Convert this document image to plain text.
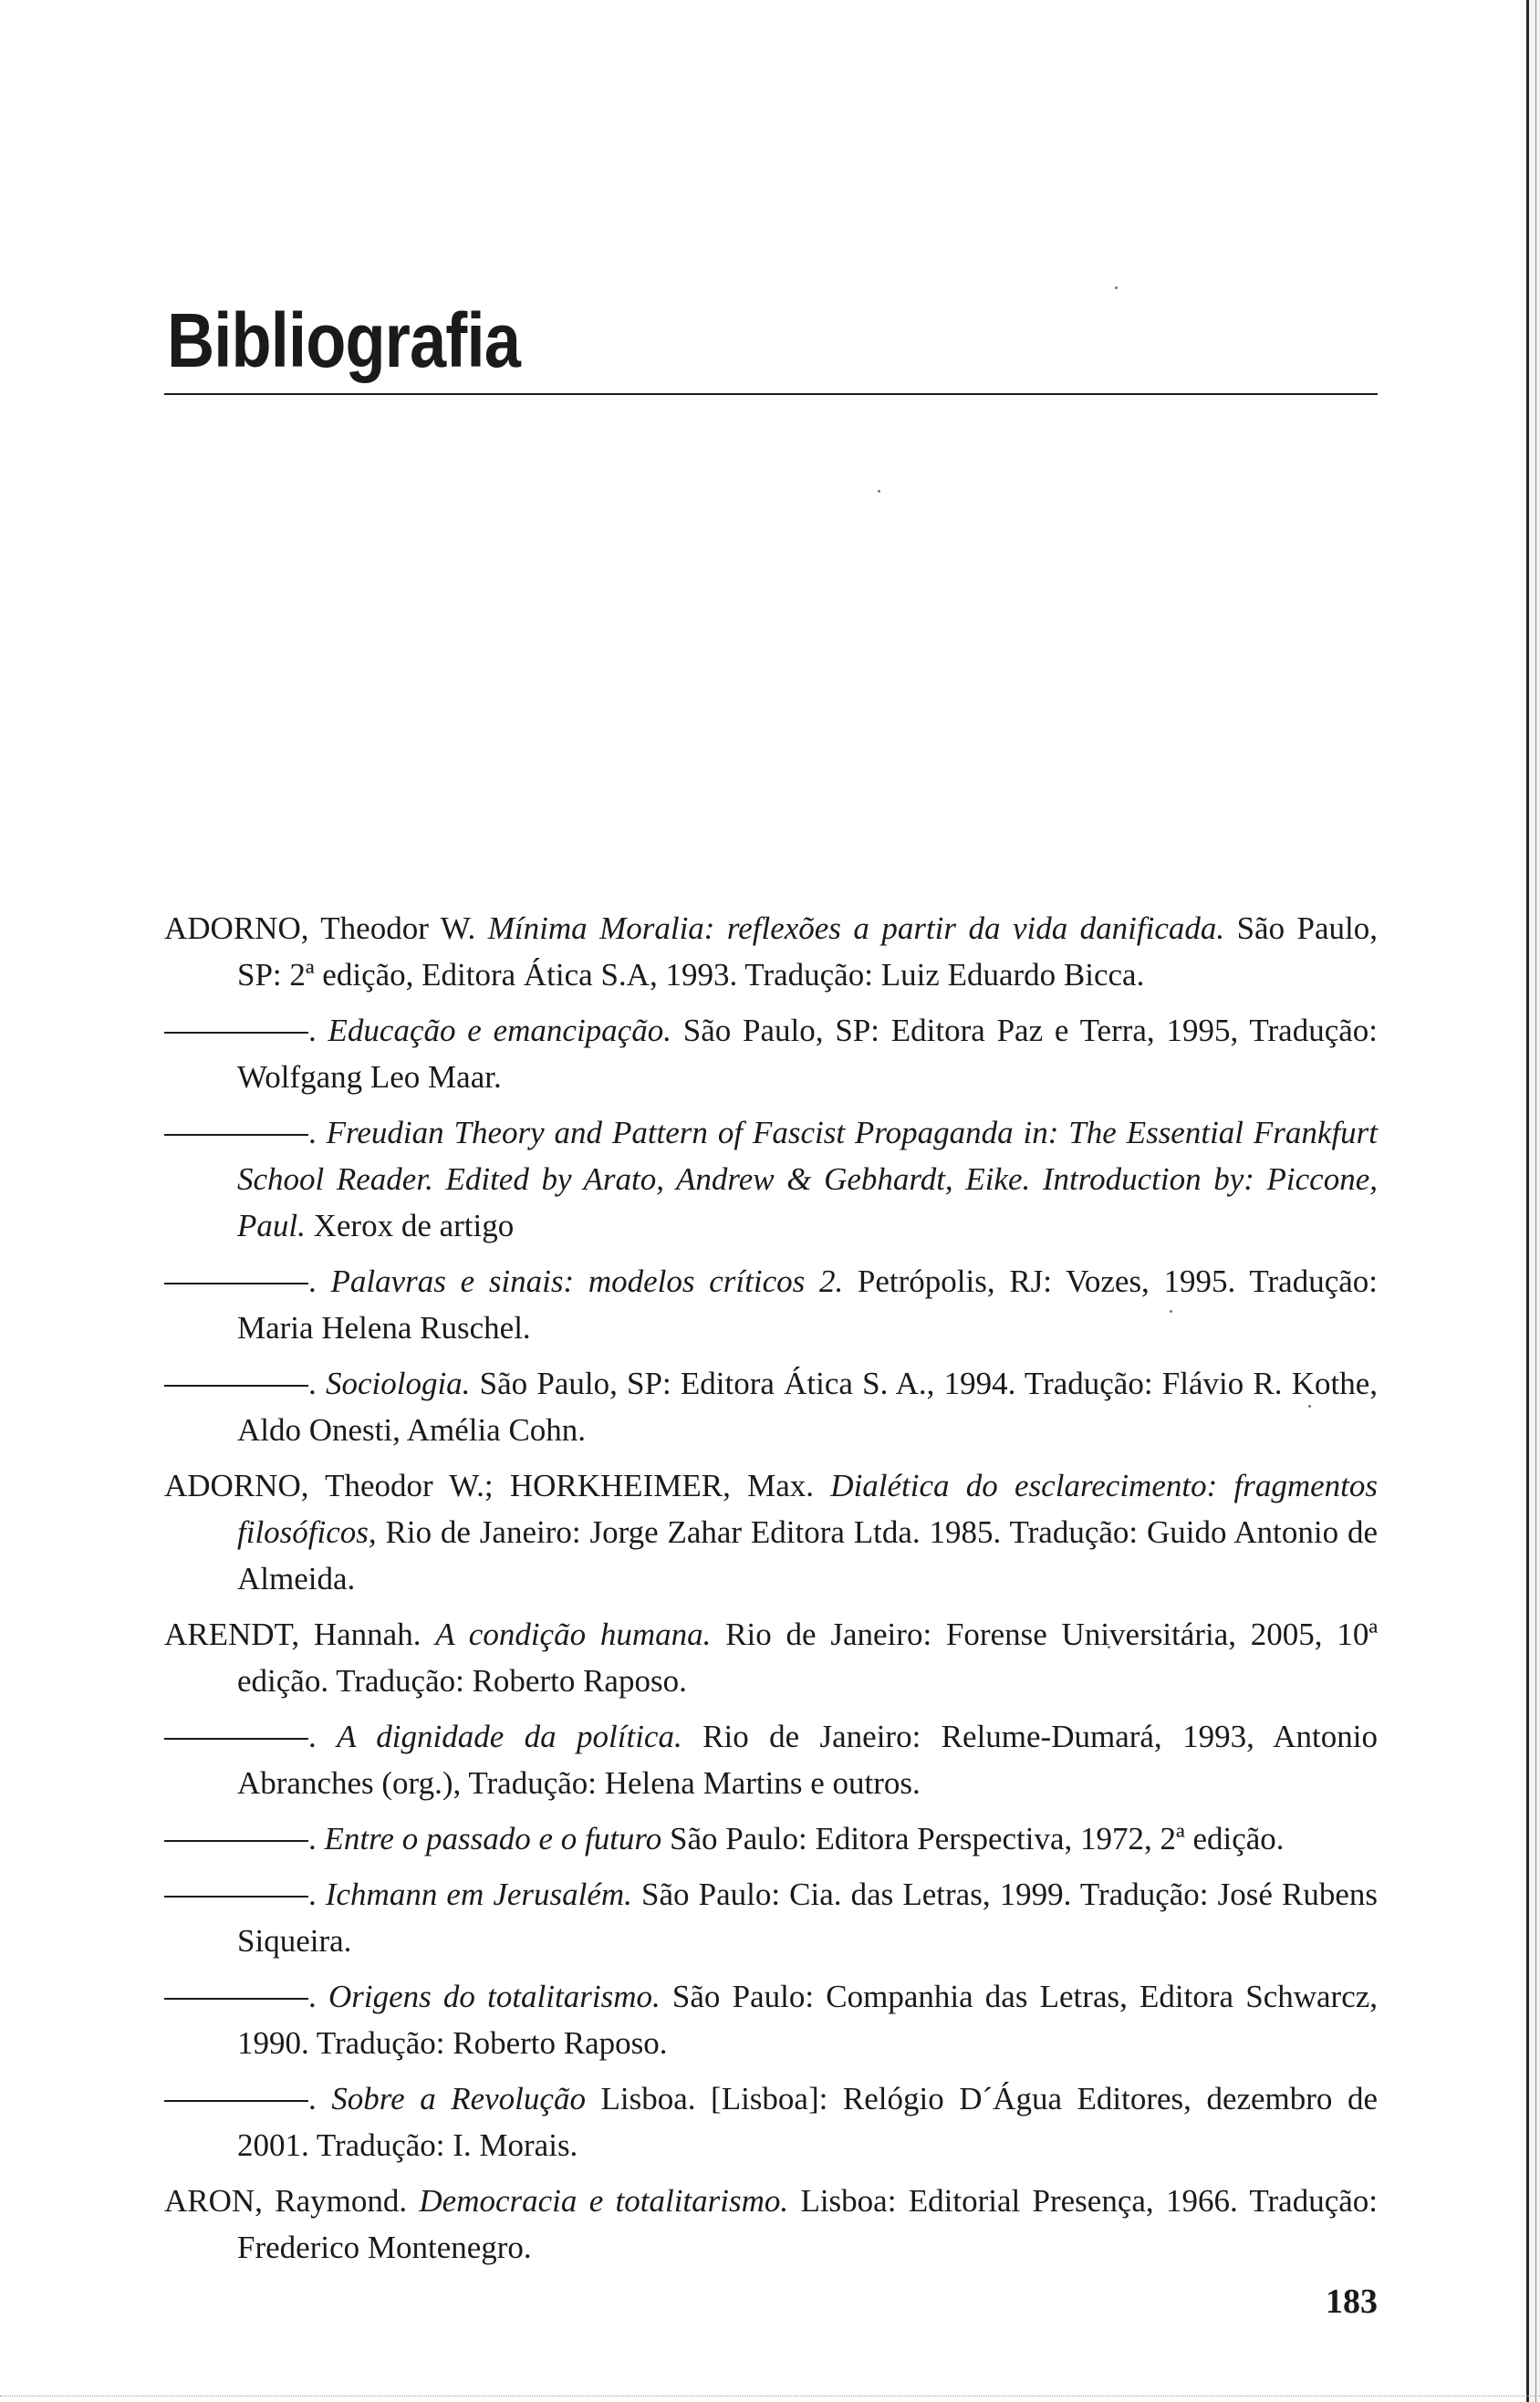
Bibliografia

ADORNO, Theodor W. Mínima Moralia: reflexões a partir da vida danificada. São Paulo, SP: 2ª edição, Editora Ática S.A, 1993. Tradução: Luiz Eduardo Bicca.

. Educação e emancipação. São Paulo, SP: Editora Paz e Terra, 1995, Tradução: Wolfgang Leo Maar.

. Freudian Theory and Pattern of Fascist Propaganda in: The Essential Frankfurt School Reader. Edited by Arato, Andrew & Gebhardt, Eike. Introduction by: Piccone, Paul. Xerox de artigo

. Palavras e sinais: modelos críticos 2. Petrópolis, RJ: Vozes, 1995. Tradução: Maria Helena Ruschel.

. Sociologia. São Paulo, SP: Editora Ática S. A., 1994. Tradução: Flávio R. Kothe, Aldo Onesti, Amélia Cohn.

ADORNO, Theodor W.; HORKHEIMER, Max. Dialética do esclarecimento: fragmentos filosóficos, Rio de Janeiro: Jorge Zahar Editora Ltda. 1985. Tradução: Guido Antonio de Almeida.

ARENDT, Hannah. A condição humana. Rio de Janeiro: Forense Universitária, 2005, 10ª edição. Tradução: Roberto Raposo.

. A dignidade da política. Rio de Janeiro: Relume-Dumará, 1993, Antonio Abranches (org.), Tradução: Helena Martins e outros.

. Entre o passado e o futuro São Paulo: Editora Perspectiva, 1972, 2ª edição.

. Ichmann em Jerusalém. São Paulo: Cia. das Letras, 1999. Tradução: José Rubens Siqueira.

. Origens do totalitarismo. São Paulo: Companhia das Letras, Editora Schwarcz, 1990. Tradução: Roberto Raposo.

. Sobre a Revolução Lisboa. [Lisboa]: Relógio D´Água Editores, dezembro de 2001. Tradução: I. Morais.

ARON, Raymond. Democracia e totalitarismo. Lisboa: Editorial Presença, 1966. Tradução: Frederico Montenegro.

183
